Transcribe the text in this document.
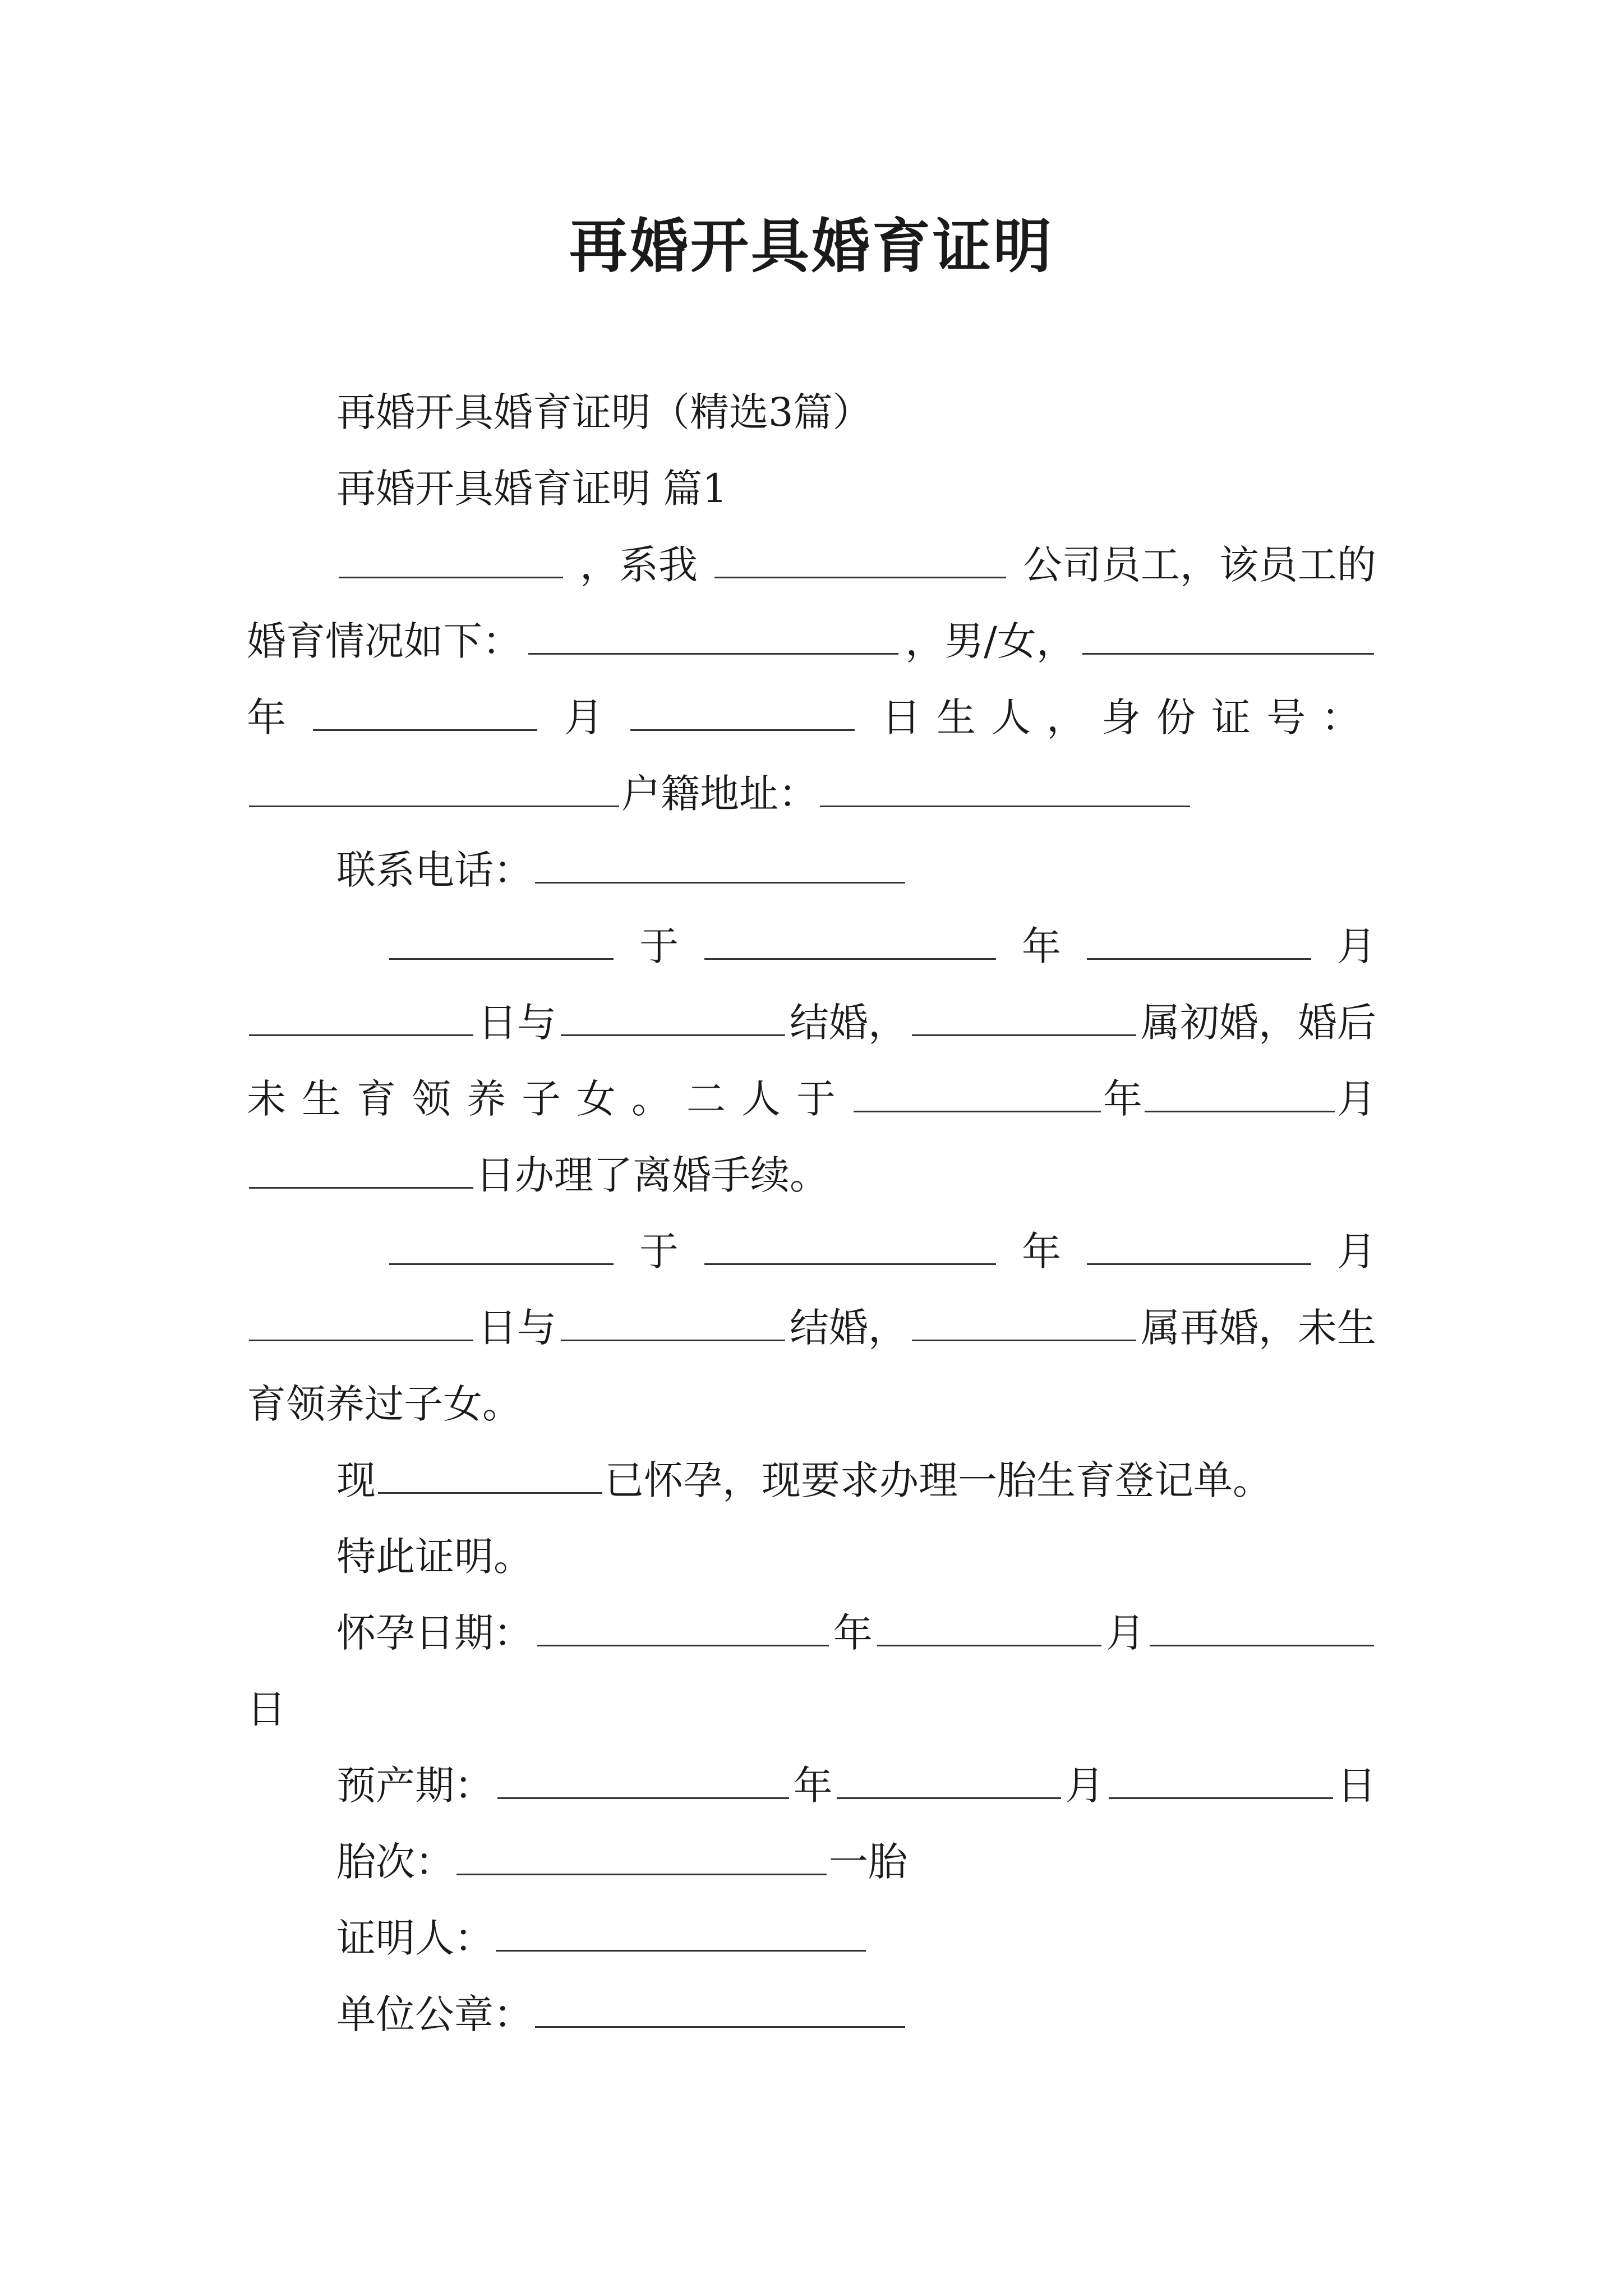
再婚开具婚育证明
再婚开具婚育证明（精选3篇）
再婚开具婚育证明 篇1
，系我	公司员工，该员工的
婚育情况如下：	，男/女，
年	月	日生人，身份证号：
户籍地址：
联系电话：
于	年	月
日与	结婚，	属初婚，婚后
未生育领养子女。二人于	年	月
日办理了离婚手续。
于	年	月
日与	结婚，	属再婚，未生
育领养过子女。
现	已怀孕，现要求办理一胎生育登记单。
特此证明。
怀孕日期：	年	月
日
预产期：	年	月	日
胎次：	一胎
证明人：
单位公章：
